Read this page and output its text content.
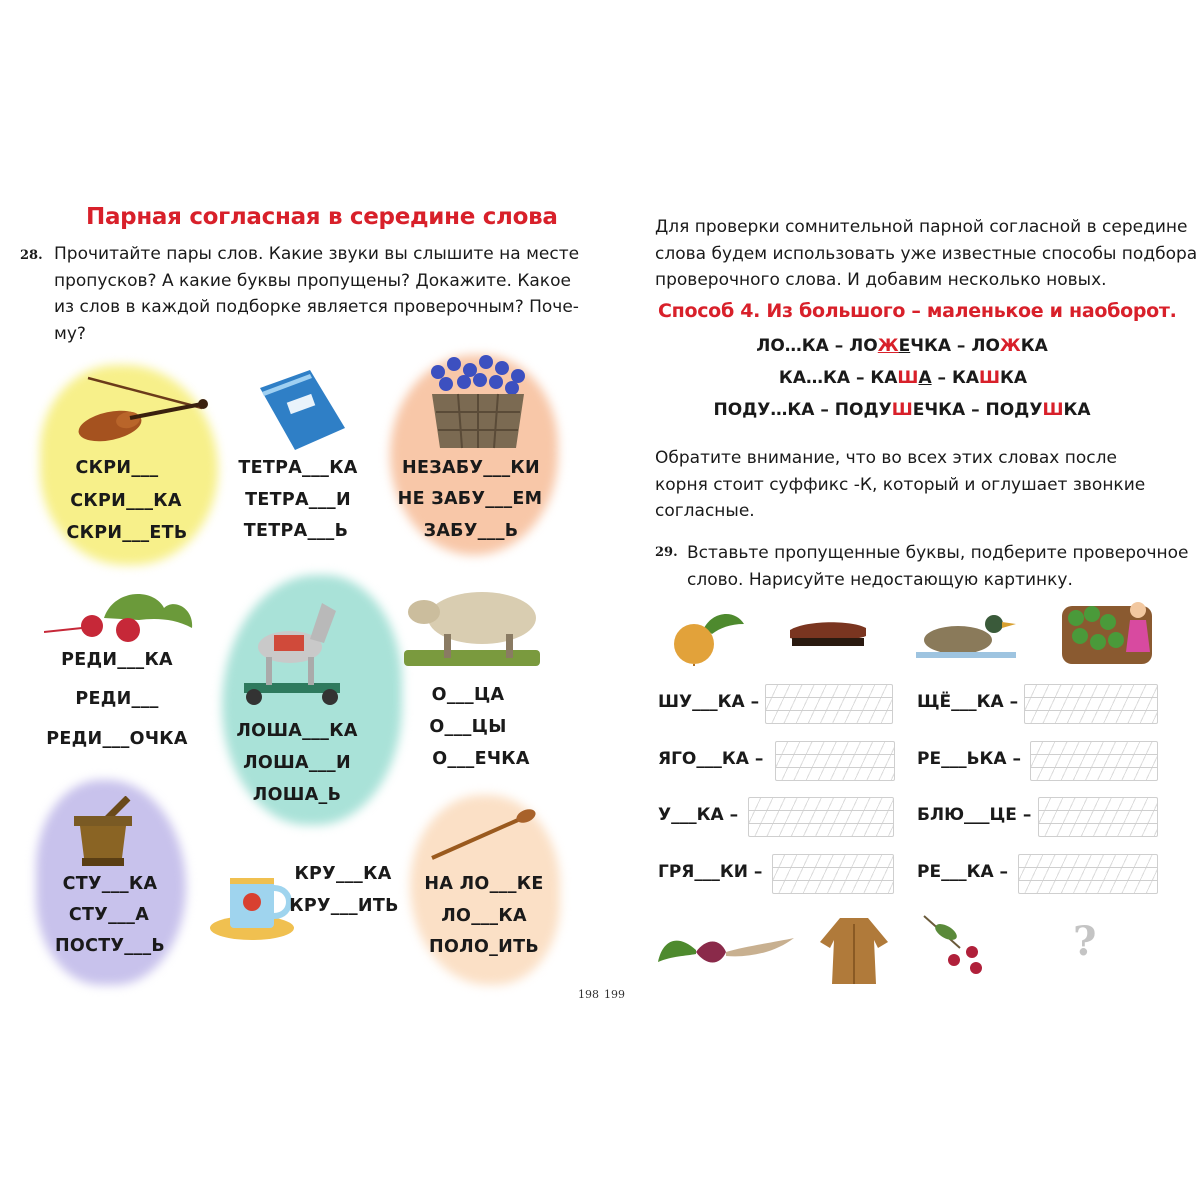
Парная согласная в середине слова
28. Прочитайте пары слов. Какие звуки вы слышите на месте
пропусков? А какие буквы пропущены? Докажите. Какое
из слов в каждой подборке является проверочным? Поче-
му?
СКРИ___
СКРИ___КА
СКРИ___ЕТЬ
ТЕТРА___КА
ТЕТРА___И
ТЕТРА___Ь
НЕЗАБУ___КИ
НЕ ЗАБУ___ЕМ
ЗАБУ___Ь
РЕДИ___КА
РЕДИ___
РЕДИ___ОЧКА	ЛОША___КА
ЛОША___И
ЛОША_Ь
О___ЦА
О___ЦЫ
О___ЕЧКА
СТУ___КА
СТУ___А
ПОСТУ___Ь
КРУ___КА
КРУ___ИТЬ
НА ЛО___КЕ
ЛО___КА
ПОЛО_ИТЬ
198
Для проверки сомнительной парной согласной в середине
слова будем использовать уже известные способы подбора
проверочного слова. И добавим несколько новых.
Способ 4. Из большого – маленькое и наоборот.
ЛО…КА – ЛОЖЕЧКА – ЛОЖКА
КА…КА – КАША – КАШКА
ПОДУ…КА – ПОДУШЕЧКА – ПОДУШКА
Обратите внимание, что во всех этих словах после
корня стоит суффикс -К, который и оглушает звонкие
согласные.
29. Вставьте пропущенные буквы, подберите проверочное
слово. Нарисуйте недостающую картинку.
ШУ___КА –
ЯГО___КА –
У___КА –
ГРЯ___КИ –
ЩЁ___КА –
РЕ___ЬКА –
БЛЮ___ЦЕ –
РЕ___КА –
?
199
